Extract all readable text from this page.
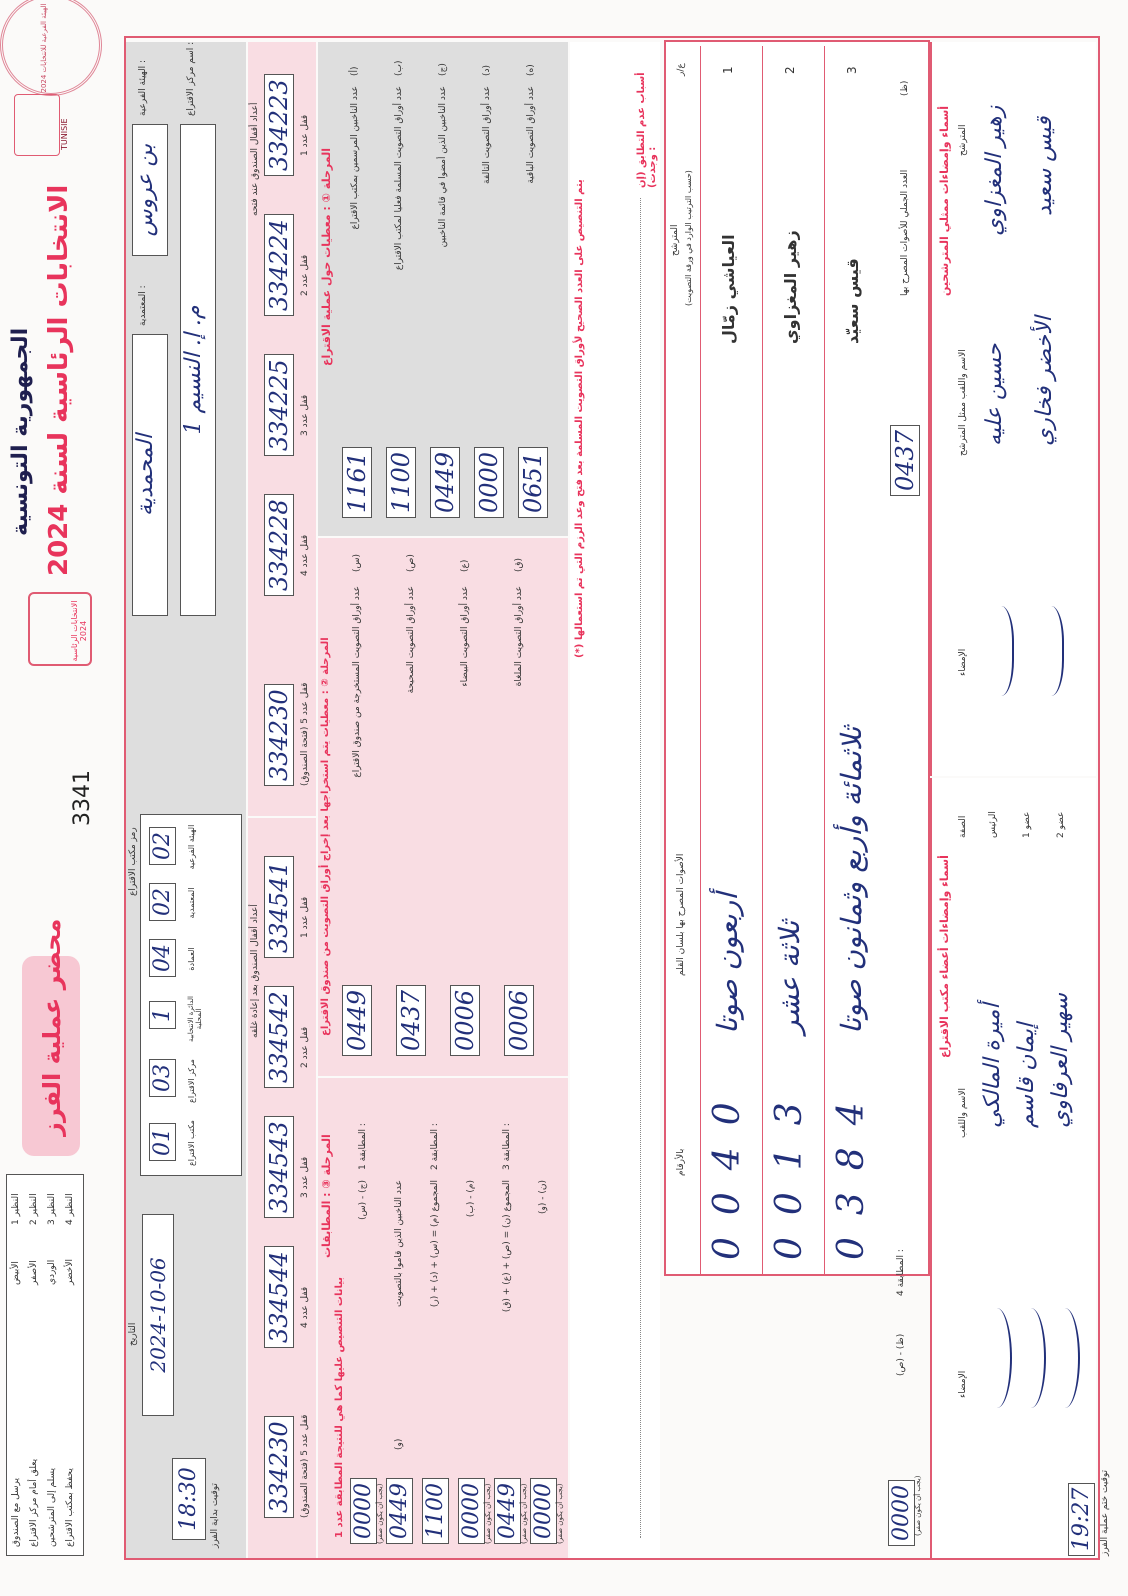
TUNISIE
الهيئة الفرعية للانتخابات 2024
الجمهورية التونسية
الانتخابات الرئاسية لسنة 2024
الانتخابات الرئاسية 2024
3341
محضر عملية الفرز
النظير 1
النظير 2
النظير 3
النظير 4
الأبيض الأصفر الوردي الأخضر
يرسل مع الصندوق يعلق أمام مركز الاقتراع يسلم إلى المترشحين يحفظ بمكتب الاقتراع
الهيئة الفرعية :
بن عروس
المعتمدية :
المحمدية
اسم مركز الاقتراع :
م. إ. النسيم 1
رمز مكتب الاقتراع	الهيئة الفرعية
02
المعتمدية
02
العمادة
04
الدائرة الانتخابية المحلية
1
مركز الاقتراع
03
مكتب الاقتراع
01
التاريخ 2024-10-06
توقيت بداية الفرز
18:30
أعداد أقفال الصندوق عند فتحه 334223 قفل عدد 1
334224 قفل عدد 2
334225 قفل عدد 3
334228 قفل عدد 4
334230 قفل عدد 5 (فتحة الصندوق)
أعداد أقفال الصندوق بعد إعادة غلقه 334541 قفل عدد 1
334542 قفل عدد 2
334543 قفل عدد 3
334544 قفل عدد 4
334230 قفل عدد 5 (فتحة الصندوق)
المرحلة ① : معطيات حول عملية الاقتراع
المرحلة ② : معطيات يتم استخراجها بعد إخراج أوراق التصويت من صندوق الاقتراع
المرحلة ③ : المطابقات
بيانات التنصيص عليها كما هي للنتيجة المطابقة عدد 1
(أ)
عدد الناخبين المرسمين بمكتب الاقتراع
1161
(ب)
عدد أوراق التصويت المسلمة فعليا لمكتب الاقتراع
1100
(ج)
عدد الناخبين الذين أمضوا في قائمة الناخبين
0449
(د)
عدد أوراق التصويت التالفة
0000
(ه)
عدد أوراق التصويت الباقية
0651
(س)
عدد أوراق التصويت المستخرجة من صندوق الاقتراع
0449
(ص)
عدد أوراق التصويت الصحيحة
0437
(ع)
عدد أوراق التصويت البيضاء
0006
(ق)
عدد أوراق التصويت الملغاة
0006
المطابقة 1 :
(س) - (ج)
0000
(يجب أن يكون صفر)
عدد الناخبين الذين قاموا بالتصويت
0449
(و)
المطابقة 2 :
المجموع (م) = (س) + (د) + (ر)
1100
(ب) - (م)
0000
(يجب أن يكون صفر)
المطابقة 3 :
المجموع (ن) = (ص) + (ع) + (ق)
0449
(يجب أن يكون صفر)
(و) - (ن)
0000
(يجب أن يكون صفر)
(*) يتم التنصيص على العدد الصحيح لأوراق التصويت المسلمة بعد فتح وعد الرزم التي تم استعمالها
أسباب عدم التطابق (إن وجدت) :
ع/ر
المترشح
(حسب الترتيب الوارد في ورقة التصويت)
الأصوات المصرح بها بلسان القلم
بالأرقام
1
العياشي زمّال
أربعون صوتا
0040
2
زهير المغزاوي
ثلاثة عشر
0013
3
قيس سعيّد
ثلاثمائة وأربع وثمانون صوتا
0384
العدد الجملي للأصوات المصرح بها
(ظ)
0437
المطابقة 4 :
(ص) - (ظ)
0000 (يجب أن يكون صفر)
أسماء وإمضاءات ممثلي المترشحين المترشح
الاسم واللقب ممثل المترشح
الإمضاء
زهير المغزاوي
حسين عليه
قيس سعيد
الأخضر فخاري
أسماء وإمضاءات أعضاء مكتب الاقتراع
الصفة
الاسم واللقب
الإمضاء
الرئيس
أميرة المالكي
عضو 1
إيمان قاسم
عضو 2
سهير العرفاوي
توقيت ختم عملية الفرز
19:27
